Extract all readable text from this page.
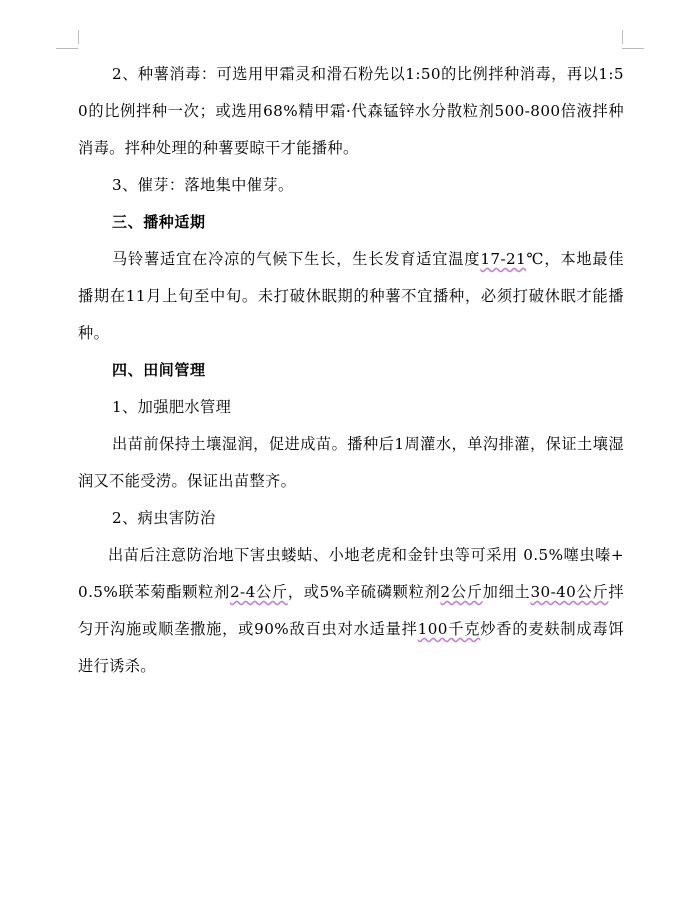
2、种薯消毒：可选用甲霜灵和滑石粉先以1:50的比例拌种消毒，再以1:50的比例拌种一次；或选用68%精甲霜·代森锰锌水分散粒剂500-800倍液拌种消毒。拌种处理的种薯要晾干才能播种。

3、催芽：落地集中催芽。

三、播种适期

马铃薯适宜在冷凉的气候下生长，生长发育适宜温度17-21℃，本地最佳播期在11月上旬至中旬。未打破休眠期的种薯不宜播种，必须打破休眠才能播种。

四、田间管理

1、加强肥水管理

出苗前保持土壤湿润，促进成苗。播种后1周灌水，单沟排灌，保证土壤湿润又不能受涝。保证出苗整齐。

2、病虫害防治

出苗后注意防治地下害虫蝼蛄、小地老虎和金针虫等可采用 0.5%噻虫嗪+0.5%联苯菊酯颗粒剂2-4公斤，或5%辛硫磷颗粒剂2公斤加细土30-40公斤拌匀开沟施或顺垄撒施，或90%敌百虫对水适量拌100千克炒香的麦麸制成毒饵进行诱杀。
